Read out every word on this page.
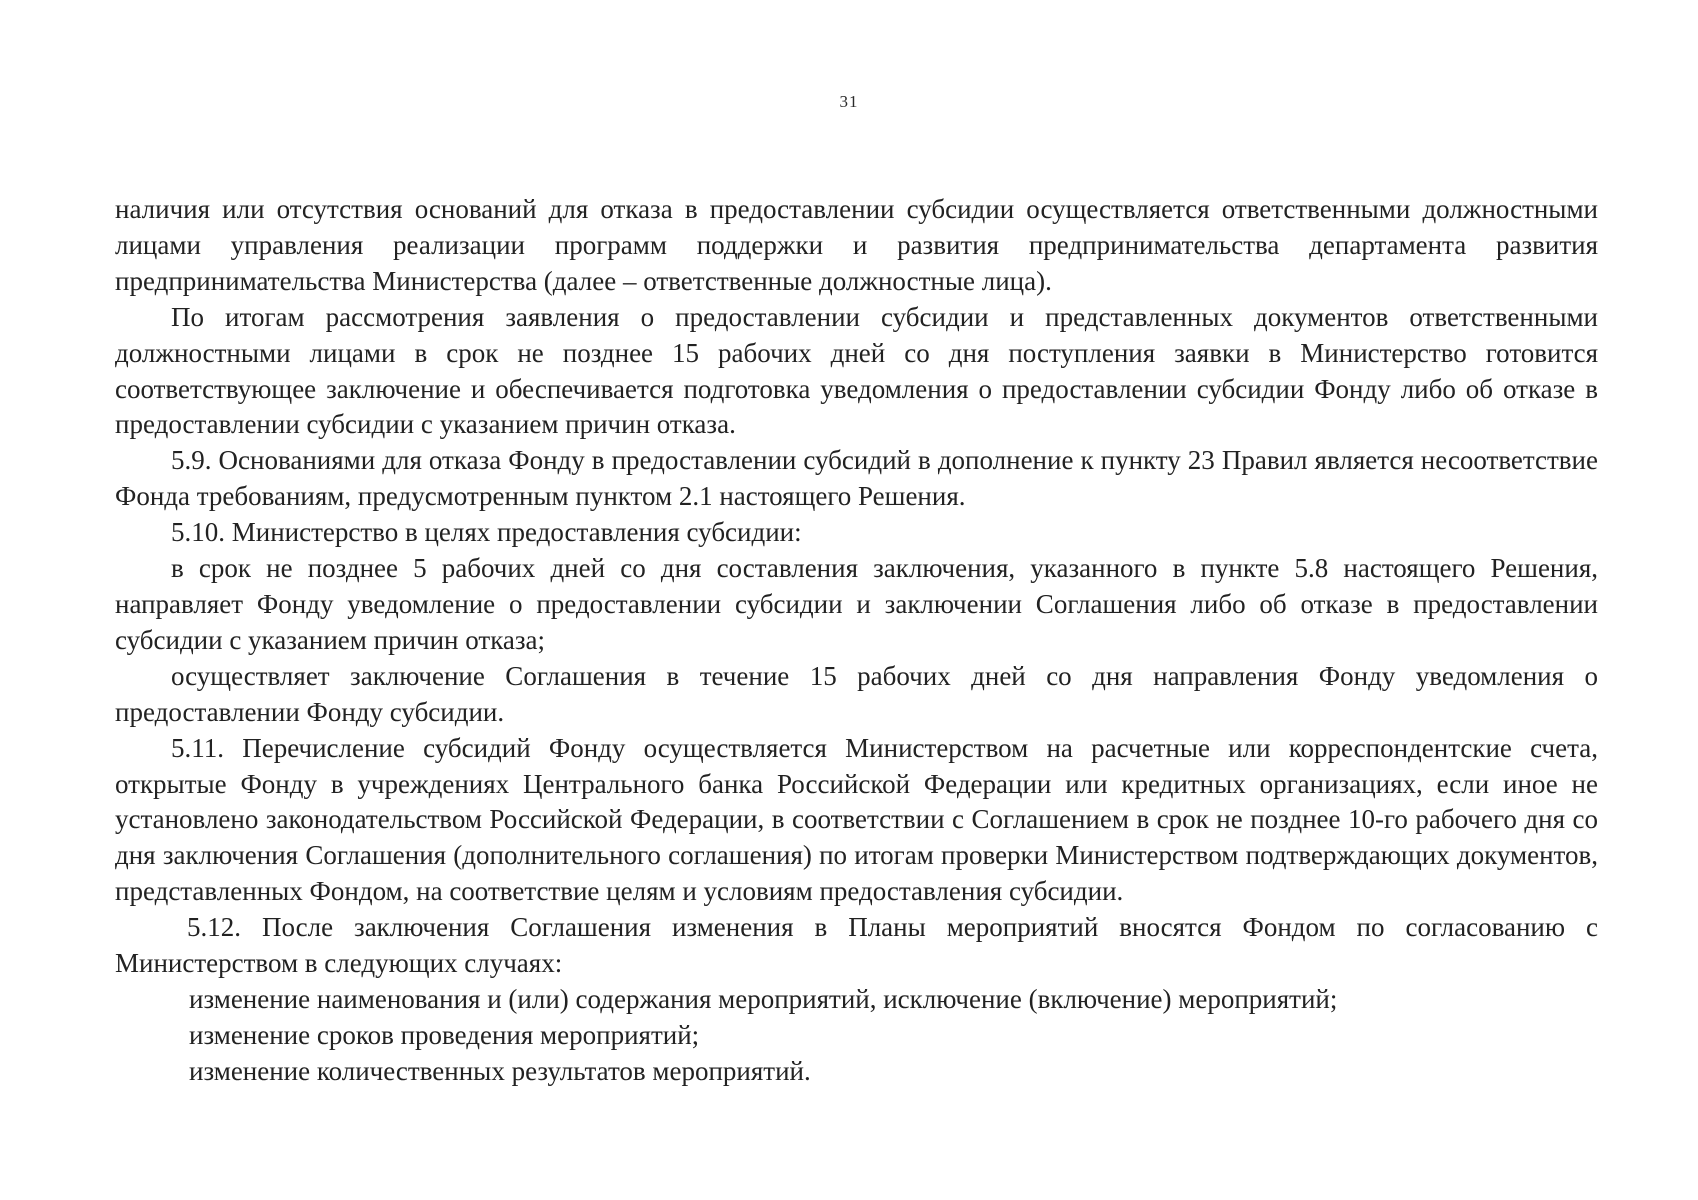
31

наличия или отсутствия оснований для отказа в предоставлении субсидии осуществляется ответственными должностными лицами управления реализации программ поддержки и развития предпринимательства департамента развития предпринимательства Министерства (далее – ответственные должностные лица).

По итогам рассмотрения заявления о предоставлении субсидии и представленных документов ответственными должностными лицами в срок не позднее 15 рабочих дней со дня поступления заявки в Министерство готовится соответствующее заключение и обеспечивается подготовка уведомления о предоставлении субсидии Фонду либо об отказе в предоставлении субсидии с указанием причин отказа.

5.9. Основаниями для отказа Фонду в предоставлении субсидий в дополнение к пункту 23 Правил является несоответствие Фонда требованиям, предусмотренным пунктом 2.1 настоящего Решения.

5.10. Министерство в целях предоставления субсидии:

в срок не позднее 5 рабочих дней со дня составления заключения, указанного в пункте 5.8 настоящего Решения, направляет Фонду уведомление о предоставлении субсидии и заключении Соглашения либо об отказе в предоставлении субсидии с указанием причин отказа;

осуществляет заключение Соглашения в течение 15 рабочих дней со дня направления Фонду уведомления о предоставлении Фонду субсидии.

5.11. Перечисление субсидий Фонду осуществляется Министерством на расчетные или корреспондентские счета, открытые Фонду в учреждениях Центрального банка Российской Федерации или кредитных организациях, если иное не установлено законодательством Российской Федерации, в соответствии с Соглашением в срок не позднее 10-го рабочего дня со дня заключения Соглашения (дополнительного соглашения) по итогам проверки Министерством подтверждающих документов, представленных Фондом, на соответствие целям и условиям предоставления субсидии.

5.12. После заключения Соглашения изменения в Планы мероприятий вносятся Фондом по согласованию с Министерством в следующих случаях:

изменение наименования и (или) содержания мероприятий, исключение (включение) мероприятий;

изменение сроков проведения мероприятий;

изменение количественных результатов мероприятий.
